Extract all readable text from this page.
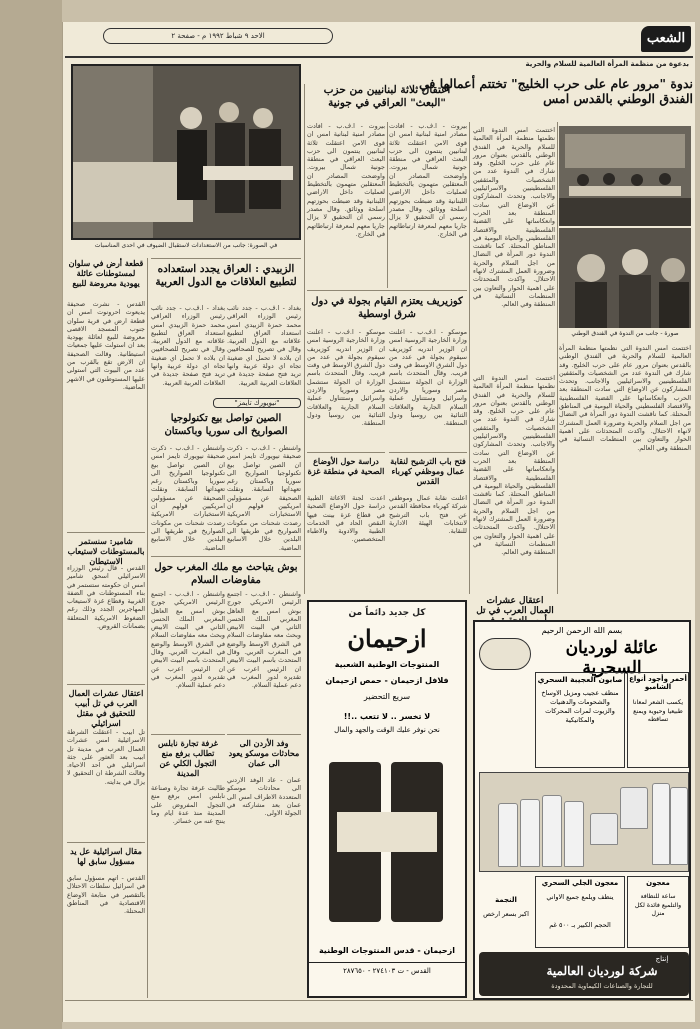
الاحد ٩ شباط ١٩٩٢ م - صفحة ٢	الشعب
بدعوة من منظمة المرأة العالمية للسلام والحرية
ندوة "مرور عام على حرب الخليج" تختتم أعمالها في الفندق الوطني بالقدس امس
صورة - جانب من الندوة في الفندق الوطني
اختتمت امس الندوة التي نظمتها منظمة المرأة العالمية للسلام والحرية في الفندق الوطني بالقدس بعنوان مرور عام على حرب الخليج. وقد شارك في الندوة عدد من الشخصيات والمثقفين الفلسطينيين والاسرائيليين والاجانب. وتحدث المشاركون عن الاوضاع التي سادت المنطقة بعد الحرب وانعكاساتها على القضية الفلسطينية والاقتصاد الفلسطيني والحياة اليومية في المناطق المحتلة. كما ناقشت الندوة دور المرأة في النضال من اجل السلام والحرية وضرورة العمل المشترك لانهاء الاحتلال. واكدت المتحدثات على اهمية الحوار والتعاون بين المنظمات النسائية في المنطقة وفي العالم.
اختتمت امس الندوة التي نظمتها منظمة المرأة العالمية للسلام والحرية في الفندق الوطني بالقدس بعنوان مرور عام على حرب الخليج. وقد شارك في الندوة عدد من الشخصيات والمثقفين الفلسطينيين والاسرائيليين والاجانب. وتحدث المشاركون عن الاوضاع التي سادت المنطقة بعد الحرب وانعكاساتها على القضية الفلسطينية والاقتصاد الفلسطيني والحياة اليومية في المناطق المحتلة. كما ناقشت الندوة دور المرأة في النضال من اجل السلام والحرية وضرورة العمل المشترك لانهاء الاحتلال. واكدت المتحدثات على اهمية الحوار والتعاون بين المنظمات النسائية في المنطقة وفي العالم.
اختتمت امس الندوة التي نظمتها منظمة المرأة العالمية للسلام والحرية في الفندق الوطني بالقدس بعنوان مرور عام على حرب الخليج. وقد شارك في الندوة عدد من الشخصيات والمثقفين الفلسطينيين والاسرائيليين والاجانب. وتحدث المشاركون عن الاوضاع التي سادت المنطقة بعد الحرب وانعكاساتها على القضية الفلسطينية والاقتصاد الفلسطيني والحياة اليومية في المناطق المحتلة. كما ناقشت الندوة دور المرأة في النضال من اجل السلام والحرية وضرورة العمل المشترك لانهاء الاحتلال. واكدت المتحدثات على اهمية الحوار والتعاون بين المنظمات النسائية في المنطقة وفي العالم.
اعتقال عشرات العمال العرب في تل
اعتقال ثلاثة لبنانيين من حزب "البعث" العراقي في جونية
بيروت - ا.ف.ب - افادت مصادر امنية لبنانية امس ان قوى الامن اعتقلت ثلاثة لبنانيين ينتمون الى حزب البعث العراقي في منطقة جونية شمال بيروت. واوضحت المصادر ان المعتقلين متهمون بالتخطيط لعمليات داخل الاراضي اللبنانية وقد ضبطت بحوزتهم اسلحة ووثائق. وقال مصدر رسمي ان التحقيق لا يزال جاريا معهم لمعرفة ارتباطاتهم في الخارج.
بيروت - ا.ف.ب - افادت مصادر امنية لبنانية امس ان قوى الامن اعتقلت ثلاثة لبنانيين ينتمون الى حزب البعث العراقي في منطقة جونية شمال بيروت. واوضحت المصادر ان المعتقلين متهمون بالتخطيط لعمليات داخل الاراضي اللبنانية وقد ضبطت بحوزتهم اسلحة ووثائق. وقال مصدر رسمي ان التحقيق لا يزال جاريا معهم لمعرفة ارتباطاتهم في الخارج.
في الصورة: جانب من الاستعدادات لاستقبال الضيوف في احدى المناسبات
كوزيريف يعتزم القيام بجولة في دول شرق اوسطية
موسكو - ا.ف.ب - اعلنت وزارة الخارجية الروسية امس ان الوزير اندريه كوزيريف سيقوم بجولة في عدد من دول الشرق الاوسط في وقت قريب. وقال المتحدث باسم الوزارة ان الجولة ستشمل مصر وسوريا والاردن واسرائيل وستتناول عملية السلام الجارية والعلاقات الثنائية بين روسيا ودول المنطقة.
موسكو - ا.ف.ب - اعلنت وزارة الخارجية الروسية امس ان الوزير اندريه كوزيريف سيقوم بجولة في عدد من دول الشرق الاوسط في وقت قريب. وقال المتحدث باسم الوزارة ان الجولة ستشمل مصر وسوريا والاردن واسرائيل وستتناول عملية السلام الجارية والعلاقات الثنائية بين روسيا ودول المنطقة.
الزبيدي : العراق يجدد استعداده لتطبيع العلاقات مع الدول العربية
بغداد - ا.ف.ب - جدد نائب رئيس الوزراء العراقي محمد حمزة الزبيدي امس استعداد العراق لتطبيع علاقاته مع الدول العربية. وقال في تصريح للصحافيين ان بلاده لا تحمل اي ضغينة تجاه اي دولة عربية وانها تريد فتح صفحة جديدة في العلاقات العربية العربية.
بغداد - ا.ف.ب - جدد نائب رئيس الوزراء العراقي محمد حمزة الزبيدي امس استعداد العراق لتطبيع علاقاته مع الدول العربية. وقال في تصريح للصحافيين ان بلاده لا تحمل اي ضغينة تجاه اي دولة عربية وانها تريد فتح صفحة جديدة في العلاقات العربية العربية.
"نيويورك تايمز"
الصين تواصل بيع تكنولوجيا الصواريخ الى سوريا وباكستان
واشنطن - ا.ف.ب - ذكرت صحيفة نيويورك تايمز امس ان الصين تواصل بيع تكنولوجيا الصواريخ الى سوريا وباكستان رغم تعهداتها السابقة. ونقلت الصحيفة عن مسؤولين امريكيين قولهم ان الاستخبارات الامريكية رصدت شحنات من مكونات الصواريخ في طريقها الى البلدين خلال الاسابيع الماضية.
واشنطن - ا.ف.ب - ذكرت صحيفة نيويورك تايمز امس ان الصين تواصل بيع تكنولوجيا الصواريخ الى سوريا وباكستان رغم تعهداتها السابقة. ونقلت الصحيفة عن مسؤولين امريكيين قولهم ان الاستخبارات الامريكية رصدت شحنات من مكونات الصواريخ في طريقها الى البلدين خلال الاسابيع الماضية.
قطعة أرض في سلوان لمستوطنات عائلة يهودية معروضة للبيع
القدس - نشرت صحيفة يديعوت احرونوت امس ان قطعة ارض في قرية سلوان جنوب المسجد الاقصى معروضة للبيع لعائلة يهودية بعد ان استولت عليها جمعيات استيطانية. وقالت الصحيفة ان الارض تقع بالقرب من عدد من البيوت التي استولى عليها المستوطنون في الاشهر الماضية.
شامير: سنستمر بالمستوطنات لاستيعاب الاستيطان
القدس - قال رئيس الوزراء الاسرائيلي اسحق شامير امس ان حكومته ستستمر في بناء المستوطنات في الضفة الغربية وقطاع غزة لاستيعاب المهاجرين الجدد وذلك رغم الضغوط الامريكية المتعلقة بضمانات القروض.
اعتقال عشرات العمال العرب في تل أبيب للتحقيق في مقتل اسرائيلي
تل ابيب - اعتقلت الشرطة الاسرائيلية امس عشرات العمال العرب في مدينة تل ابيب بعد العثور على جثة اسرائيلي في احد الاحياء. وقالت الشرطة ان التحقيق لا يزال في بدايته.
مقال اسرائيلية عل يد مسؤول سابق لها
القدس - اتهم مسؤول سابق في اسرائيل سلطات الاحتلال بالتقصير في متابعة الاوضاع الاقتصادية في المناطق المحتلة.
بوش يتباحث مع ملك المغرب حول مفاوضات السلام
واشنطن - ا.ف.ب - اجتمع الرئيس الامريكي جورج بوش امس مع العاهل المغربي الملك الحسن الثاني في البيت الابيض وبحث معه مفاوضات السلام في الشرق الاوسط والوضع في المغرب العربي. وقال المتحدث باسم البيت الابيض ان الرئيس اعرب عن تقديره لدور المغرب في دعم عملية السلام.
واشنطن - ا.ف.ب - اجتمع الرئيس الامريكي جورج بوش امس مع العاهل المغربي الملك الحسن الثاني في البيت الابيض وبحث معه مفاوضات السلام في الشرق الاوسط والوضع في المغرب العربي. وقال المتحدث باسم البيت الابيض ان الرئيس اعرب عن تقديره لدور المغرب في دعم عملية السلام.
وفد الأردن الى محادثات موسكو يعود الى عمان
عمان - عاد الوفد الاردني الى محادثات موسكو المتعددة الاطراف امس الى عمان بعد مشاركته في الجولة الاولى.
غرفة تجارة نابلس تطالب برفع منع التجول الكلي عن المدينة
طالبت غرفة تجارة وصناعة نابلس امس برفع منع التجول المفروض على المدينة منذ عدة ايام وما ينتج عنه من خسائر.
دراسة حول الأوضاع الصحية في منطقة غزة
اعدت لجنة الاغاثة الطبية دراسة حول الاوضاع الصحية في قطاع غزة بينت فيها النقص الحاد في الخدمات الطبية والادوية والاطباء المتخصصين.
فتح باب الترشيح لنقابة عمال وموظفي كهرباء القدس
اعلنت نقابة عمال وموظفي شركة كهرباء محافظة القدس عن فتح باب الترشيح لانتخابات الهيئة الادارية للنقابة.
كل جديد دائماً من
ازحيمان
المنتوجات الوطنية الشعبية
فلافل ازحيمان - حمص ازحيمان
سريع التحضير
لا تخسر .. لا تتعب ..!!
نحن نوفر عليك الوقت والجهد والمال
ازحيمان - قدس المنتوجات الوطنية
القدس - ت ٢٧٤١٠٣ - ٢٨٧٦٥٠
بسم الله الرحمن الرحيم
عائلة لورديان السحرية
صابون العجيبة السحري
منظف عجيب ومزيل الاوساخ والشحومات والدهنيات والزيوت لمرات المحركات والمكانيكية
أحمر وأجود أنواع الشامبو
يكسب الشعر لمعانا طبيعيا وحيوية ويمنع تساقطه
معجون الجلي السحري
ينظف ويلمع جميع الاواني
الحجم الكبير بـ ٥٠٠ غم
معجون
ساعة للنظافة والتلميع فائدة لكل منزل
النجمة
اكبر بسعر ارخص
إنتاج
شركة لورديان العالمية
للتجارة والصناعات الكيماوية المحدودة
